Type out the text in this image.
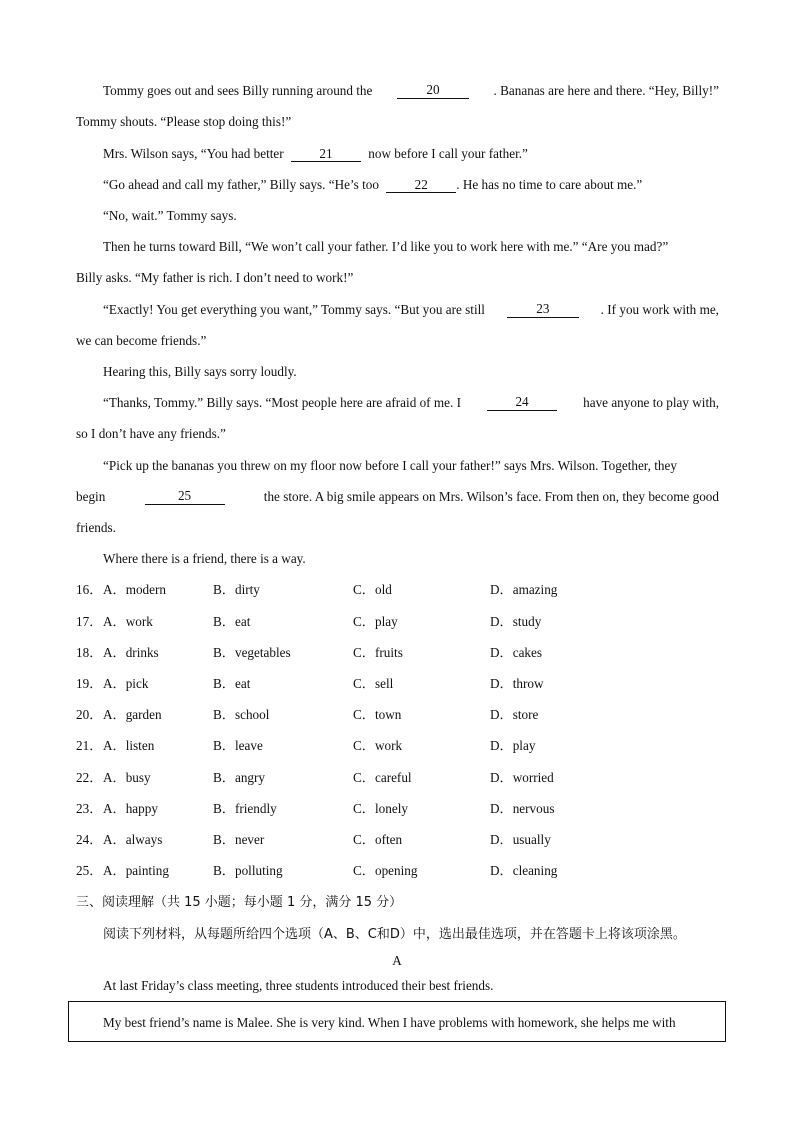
Tommy goes out and sees Billy running around the	20	. Bananas are here and there. “Hey, Billy!”
Tommy shouts. “Please stop doing this!”
Mrs. Wilson says, “You had better	21	now before I call your father.”
“Go ahead and call my father,” Billy says. “He’s too	22 . He has no time to care about me.”
“No, wait.” Tommy says.
Then he turns toward Bill, “We won’t call your father. I’d like you to work here with me.” “Are you mad?”
Billy asks. “My father is rich. I don’t need to work!”
“Exactly! You get everything you want,” Tommy says. “But you are still	23	. If you work with me,
we can become friends.”
Hearing this, Billy says sorry loudly.
“Thanks, Tommy.” Billy says. “Most people here are afraid of me. I	24	have anyone to play with,
so I don’t have any friends.”
“Pick up the bananas you threw on my floor now before I call your father!” says Mrs. Wilson. Together, they
begin	25	the store. A big smile appears on Mrs. Wilson’s face. From then on, they become good
friends.
Where there is a friend, there is a way.
16． A．modern	B．dirty	C．old	D．amazing
17． A．work	B．eat	C．play	D．study
18． A．drinks	B．vegetables	C．fruits	D．cakes
19． A．pick	B．eat	C．sell	D．throw
20． A．garden	B．school	C．town	D．store
21． A．listen	B．leave	C．work	D．play
22． A．busy	B．angry	C．careful	D．worried
23． A．happy	B．friendly	C．lonely	D．nervous
24． A．always	B．never	C．often	D．usually
25． A．painting	B．polluting	C．opening	D．cleaning
三、阅读理解（共 15 小题；每小题 1 分，满分 15 分）
阅读下列材料，从每题所给四个选项（A、B、C和D）中，选出最佳选项，并在答题卡上将该项涂黑。
A
At last Friday’s class meeting, three students introduced their best friends.
My best friend’s name is Malee. She is very kind. When I have problems with homework, she helps me with
